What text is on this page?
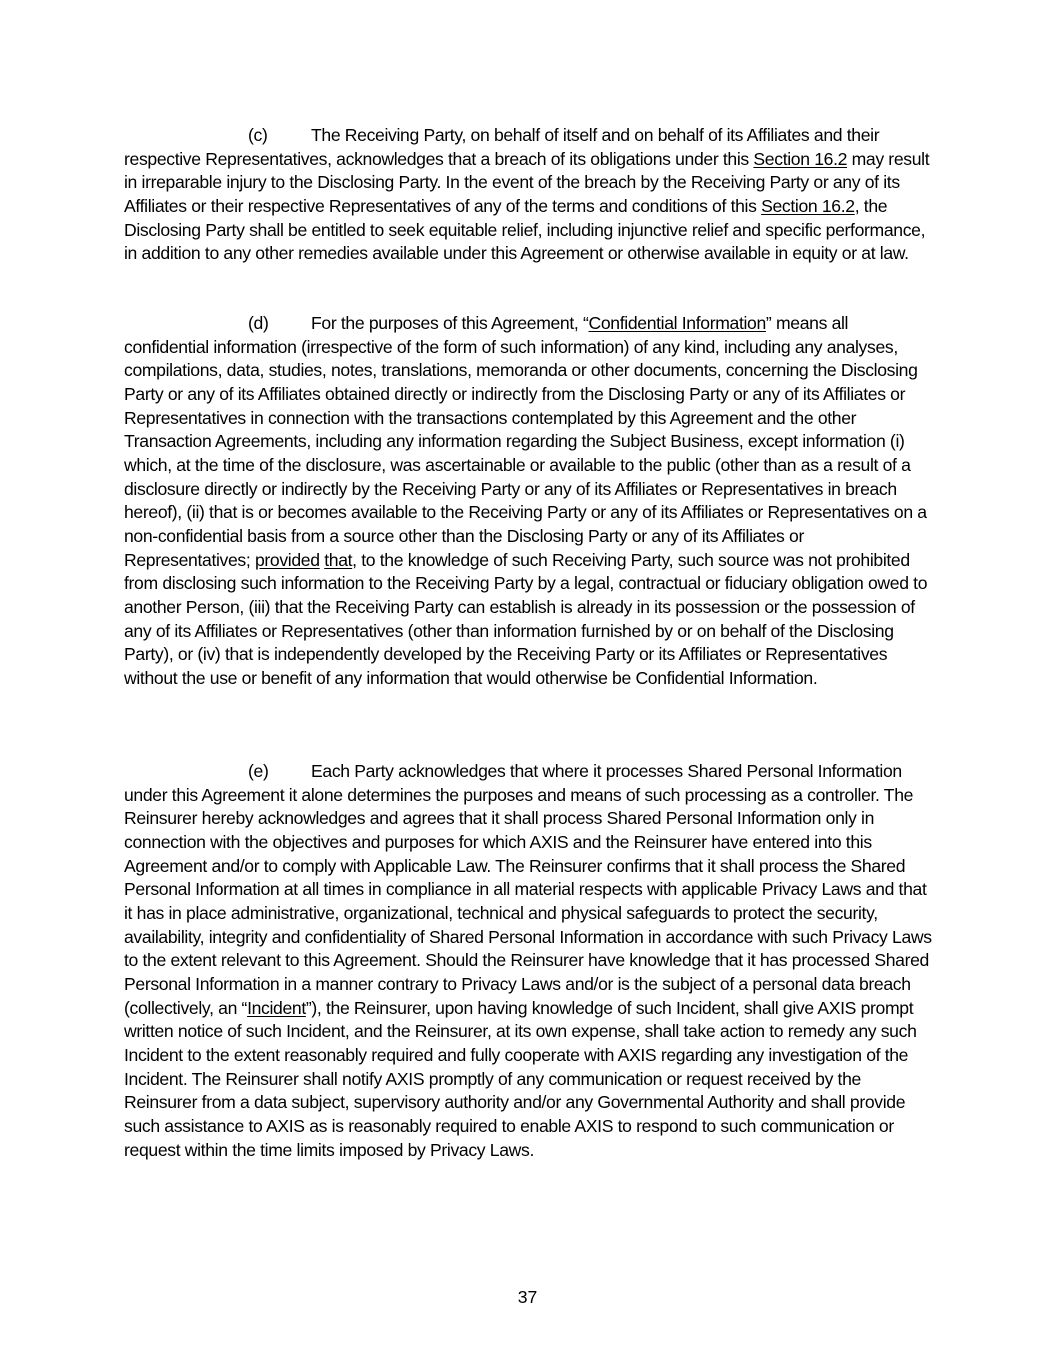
(c) The Receiving Party, on behalf of itself and on behalf of its Affiliates and their respective Representatives, acknowledges that a breach of its obligations under this Section 16.2 may result in irreparable injury to the Disclosing Party. In the event of the breach by the Receiving Party or any of its Affiliates or their respective Representatives of any of the terms and conditions of this Section 16.2, the Disclosing Party shall be entitled to seek equitable relief, including injunctive relief and specific performance, in addition to any other remedies available under this Agreement or otherwise available in equity or at law.

(d) For the purposes of this Agreement, “Confidential Information” means all confidential information (irrespective of the form of such information) of any kind, including any analyses, compilations, data, studies, notes, translations, memoranda or other documents, concerning the Disclosing Party or any of its Affiliates obtained directly or indirectly from the Disclosing Party or any of its Affiliates or Representatives in connection with the transactions contemplated by this Agreement and the other Transaction Agreements, including any information regarding the Subject Business, except information (i) which, at the time of the disclosure, was ascertainable or available to the public (other than as a result of a disclosure directly or indirectly by the Receiving Party or any of its Affiliates or Representatives in breach hereof), (ii) that is or becomes available to the Receiving Party or any of its Affiliates or Representatives on a non-confidential basis from a source other than the Disclosing Party or any of its Affiliates or Representatives; provided that, to the knowledge of such Receiving Party, such source was not prohibited from disclosing such information to the Receiving Party by a legal, contractual or fiduciary obligation owed to another Person, (iii) that the Receiving Party can establish is already in its possession or the possession of any of its Affiliates or Representatives (other than information furnished by or on behalf of the Disclosing Party), or (iv) that is independently developed by the Receiving Party or its Affiliates or Representatives without the use or benefit of any information that would otherwise be Confidential Information.

(e) Each Party acknowledges that where it processes Shared Personal Information under this Agreement it alone determines the purposes and means of such processing as a controller. The Reinsurer hereby acknowledges and agrees that it shall process Shared Personal Information only in connection with the objectives and purposes for which AXIS and the Reinsurer have entered into this Agreement and/or to comply with Applicable Law. The Reinsurer confirms that it shall process the Shared Personal Information at all times in compliance in all material respects with applicable Privacy Laws and that it has in place administrative, organizational, technical and physical safeguards to protect the security, availability, integrity and confidentiality of Shared Personal Information in accordance with such Privacy Laws to the extent relevant to this Agreement. Should the Reinsurer have knowledge that it has processed Shared Personal Information in a manner contrary to Privacy Laws and/or is the subject of a personal data breach (collectively, an “Incident”), the Reinsurer, upon having knowledge of such Incident, shall give AXIS prompt written notice of such Incident, and the Reinsurer, at its own expense, shall take action to remedy any such Incident to the extent reasonably required and fully cooperate with AXIS regarding any investigation of the Incident. The Reinsurer shall notify AXIS promptly of any communication or request received by the Reinsurer from a data subject, supervisory authority and/or any Governmental Authority and shall provide such assistance to AXIS as is reasonably required to enable AXIS to respond to such communication or request within the time limits imposed by Privacy Laws.

37
